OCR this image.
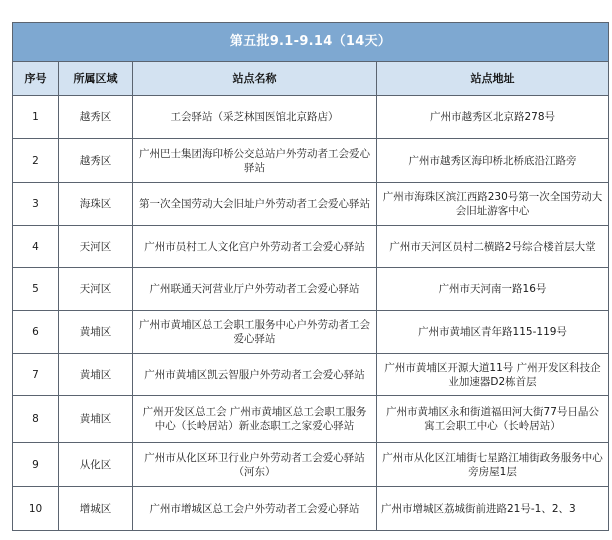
第五批9.1-9.14（14天）			
序号	所属区域	站点名称	站点地址
1	越秀区	工会驿站（采芝林国医馆北京路店）	广州市越秀区北京路278号
2	越秀区	广州巴士集团海印桥公交总站户外劳动者工会爱心驿站	广州市越秀区海印桥北桥底沿江路旁
3	海珠区	第一次全国劳动大会旧址户外劳动者工会爱心驿站	广州市海珠区滨江西路230号第一次全国劳动大会旧址游客中心
4	天河区	广州市员村工人文化宫户外劳动者工会爱心驿站	广州市天河区员村二横路2号综合楼首层大堂
5	天河区	广州联通天河营业厅户外劳动者工会爱心驿站	广州市天河南一路16号
6	黄埔区	广州市黄埔区总工会职工服务中心户外劳动者工会爱心驿站	广州市黄埔区青年路115-119号
7	黄埔区	广州市黄埔区凯云智服户外劳动者工会爱心驿站	广州市黄埔区开源大道11号 广州开发区科技企业加速器D2栋首层
8	黄埔区	广州开发区总工会 广州市黄埔区总工会职工服务中心（长岭居站）新业态职工之家爱心驿站	广州市黄埔区永和街道福田河大街77号日晶公寓工会职工中心（长岭居站）
9	从化区	广州市从化区环卫行业户外劳动者工会爱心驿站（河东）	广州市从化区江埔街七星路江埔街政务服务中心旁房屋1层
10	增城区	广州市增城区总工会户外劳动者工会爱心驿站	广州市增城区荔城街前进路21号-1、2、3
